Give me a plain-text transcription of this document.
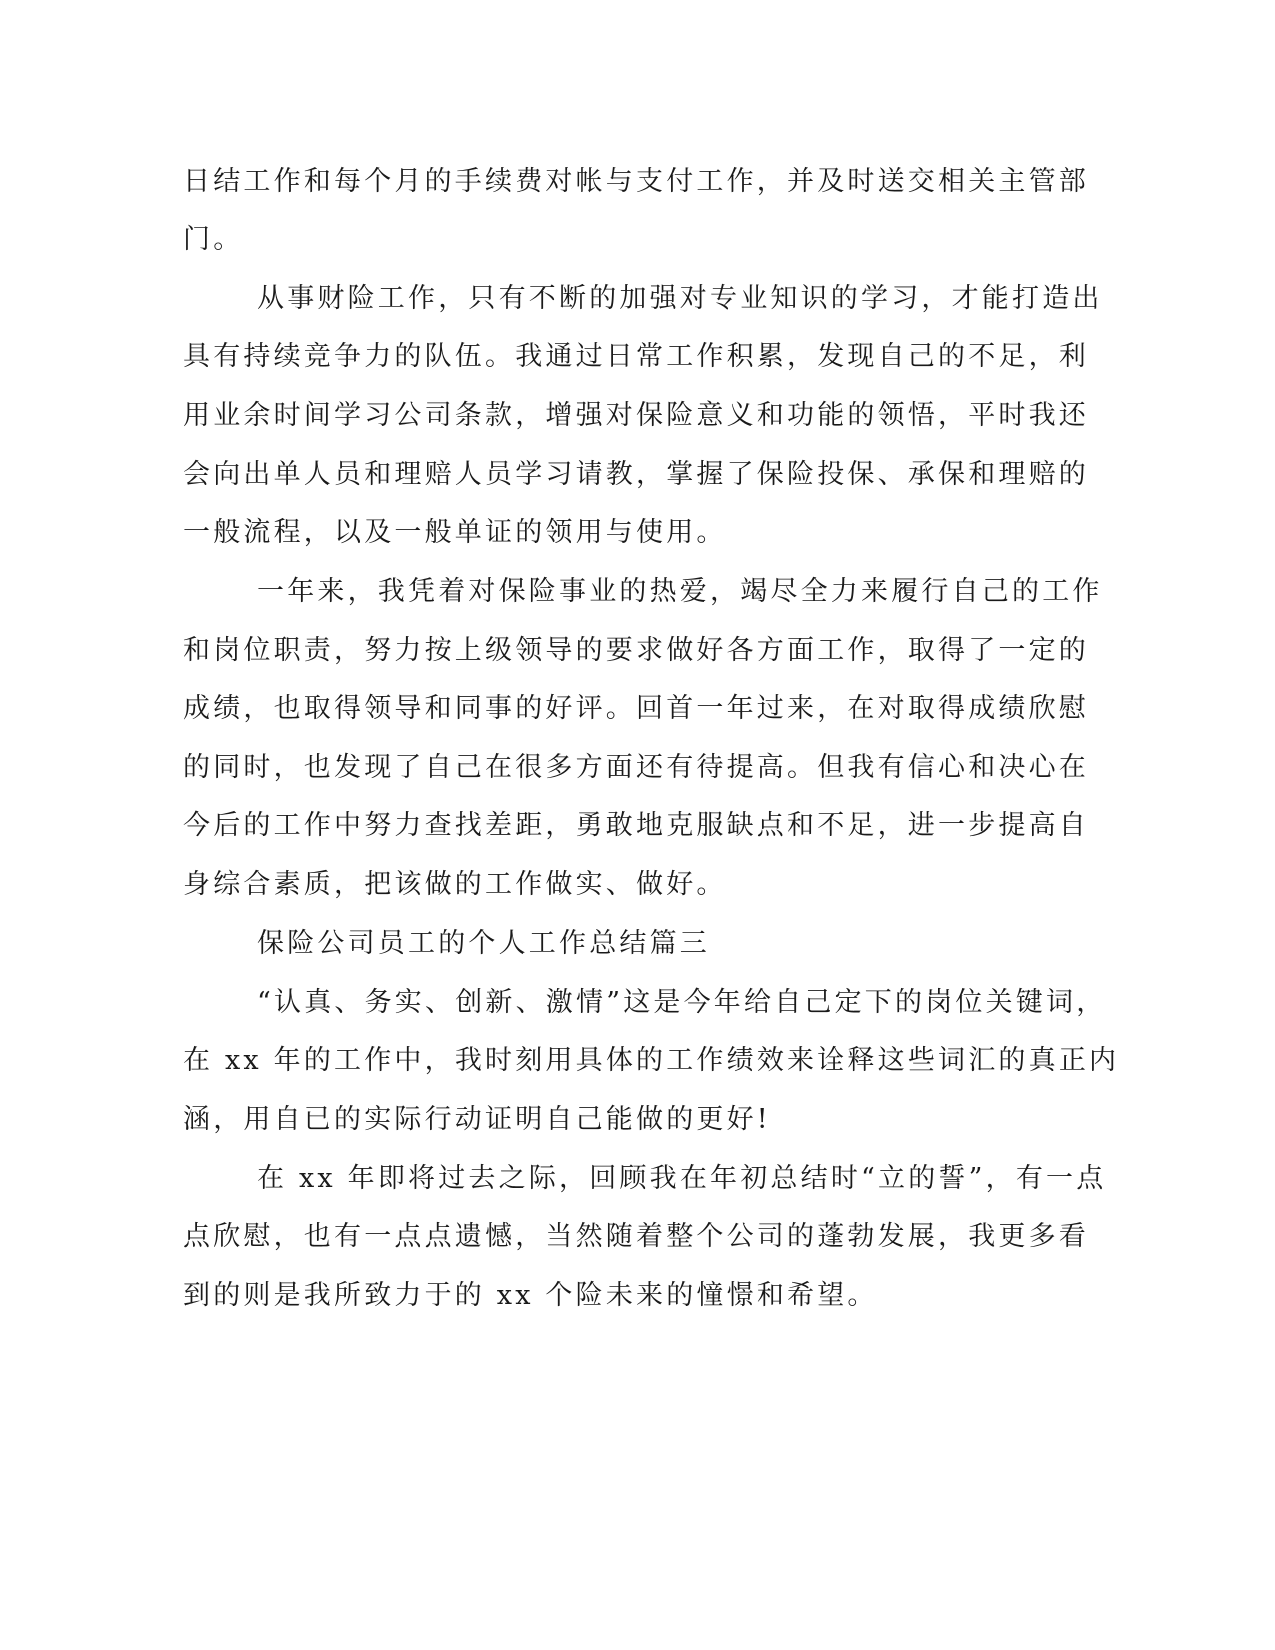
日结工作和每个月的手续费对帐与支付工作，并及时送交相关主管部

门。

从事财险工作，只有不断的加强对专业知识的学习，才能打造出

具有持续竞争力的队伍。我通过日常工作积累，发现自己的不足，利

用业余时间学习公司条款，增强对保险意义和功能的领悟，平时我还

会向出单人员和理赔人员学习请教，掌握了保险投保、承保和理赔的

一般流程，以及一般单证的领用与使用。

一年来，我凭着对保险事业的热爱，竭尽全力来履行自己的工作

和岗位职责，努力按上级领导的要求做好各方面工作，取得了一定的

成绩，也取得领导和同事的好评。回首一年过来，在对取得成绩欣慰

的同时，也发现了自己在很多方面还有待提高。但我有信心和决心在

今后的工作中努力查找差距，勇敢地克服缺点和不足，进一步提高自

身综合素质，把该做的工作做实、做好。

保险公司员工的个人工作总结篇三

“认真、务实、创新、激情”这是今年给自己定下的岗位关键词，

在 xx 年的工作中，我时刻用具体的工作绩效来诠释这些词汇的真正内

涵，用自已的实际行动证明自己能做的更好!

在 xx 年即将过去之际，回顾我在年初总结时“立的誓”，有一点

点欣慰，也有一点点遗憾，当然随着整个公司的蓬勃发展，我更多看

到的则是我所致力于的 xx 个险未来的憧憬和希望。
